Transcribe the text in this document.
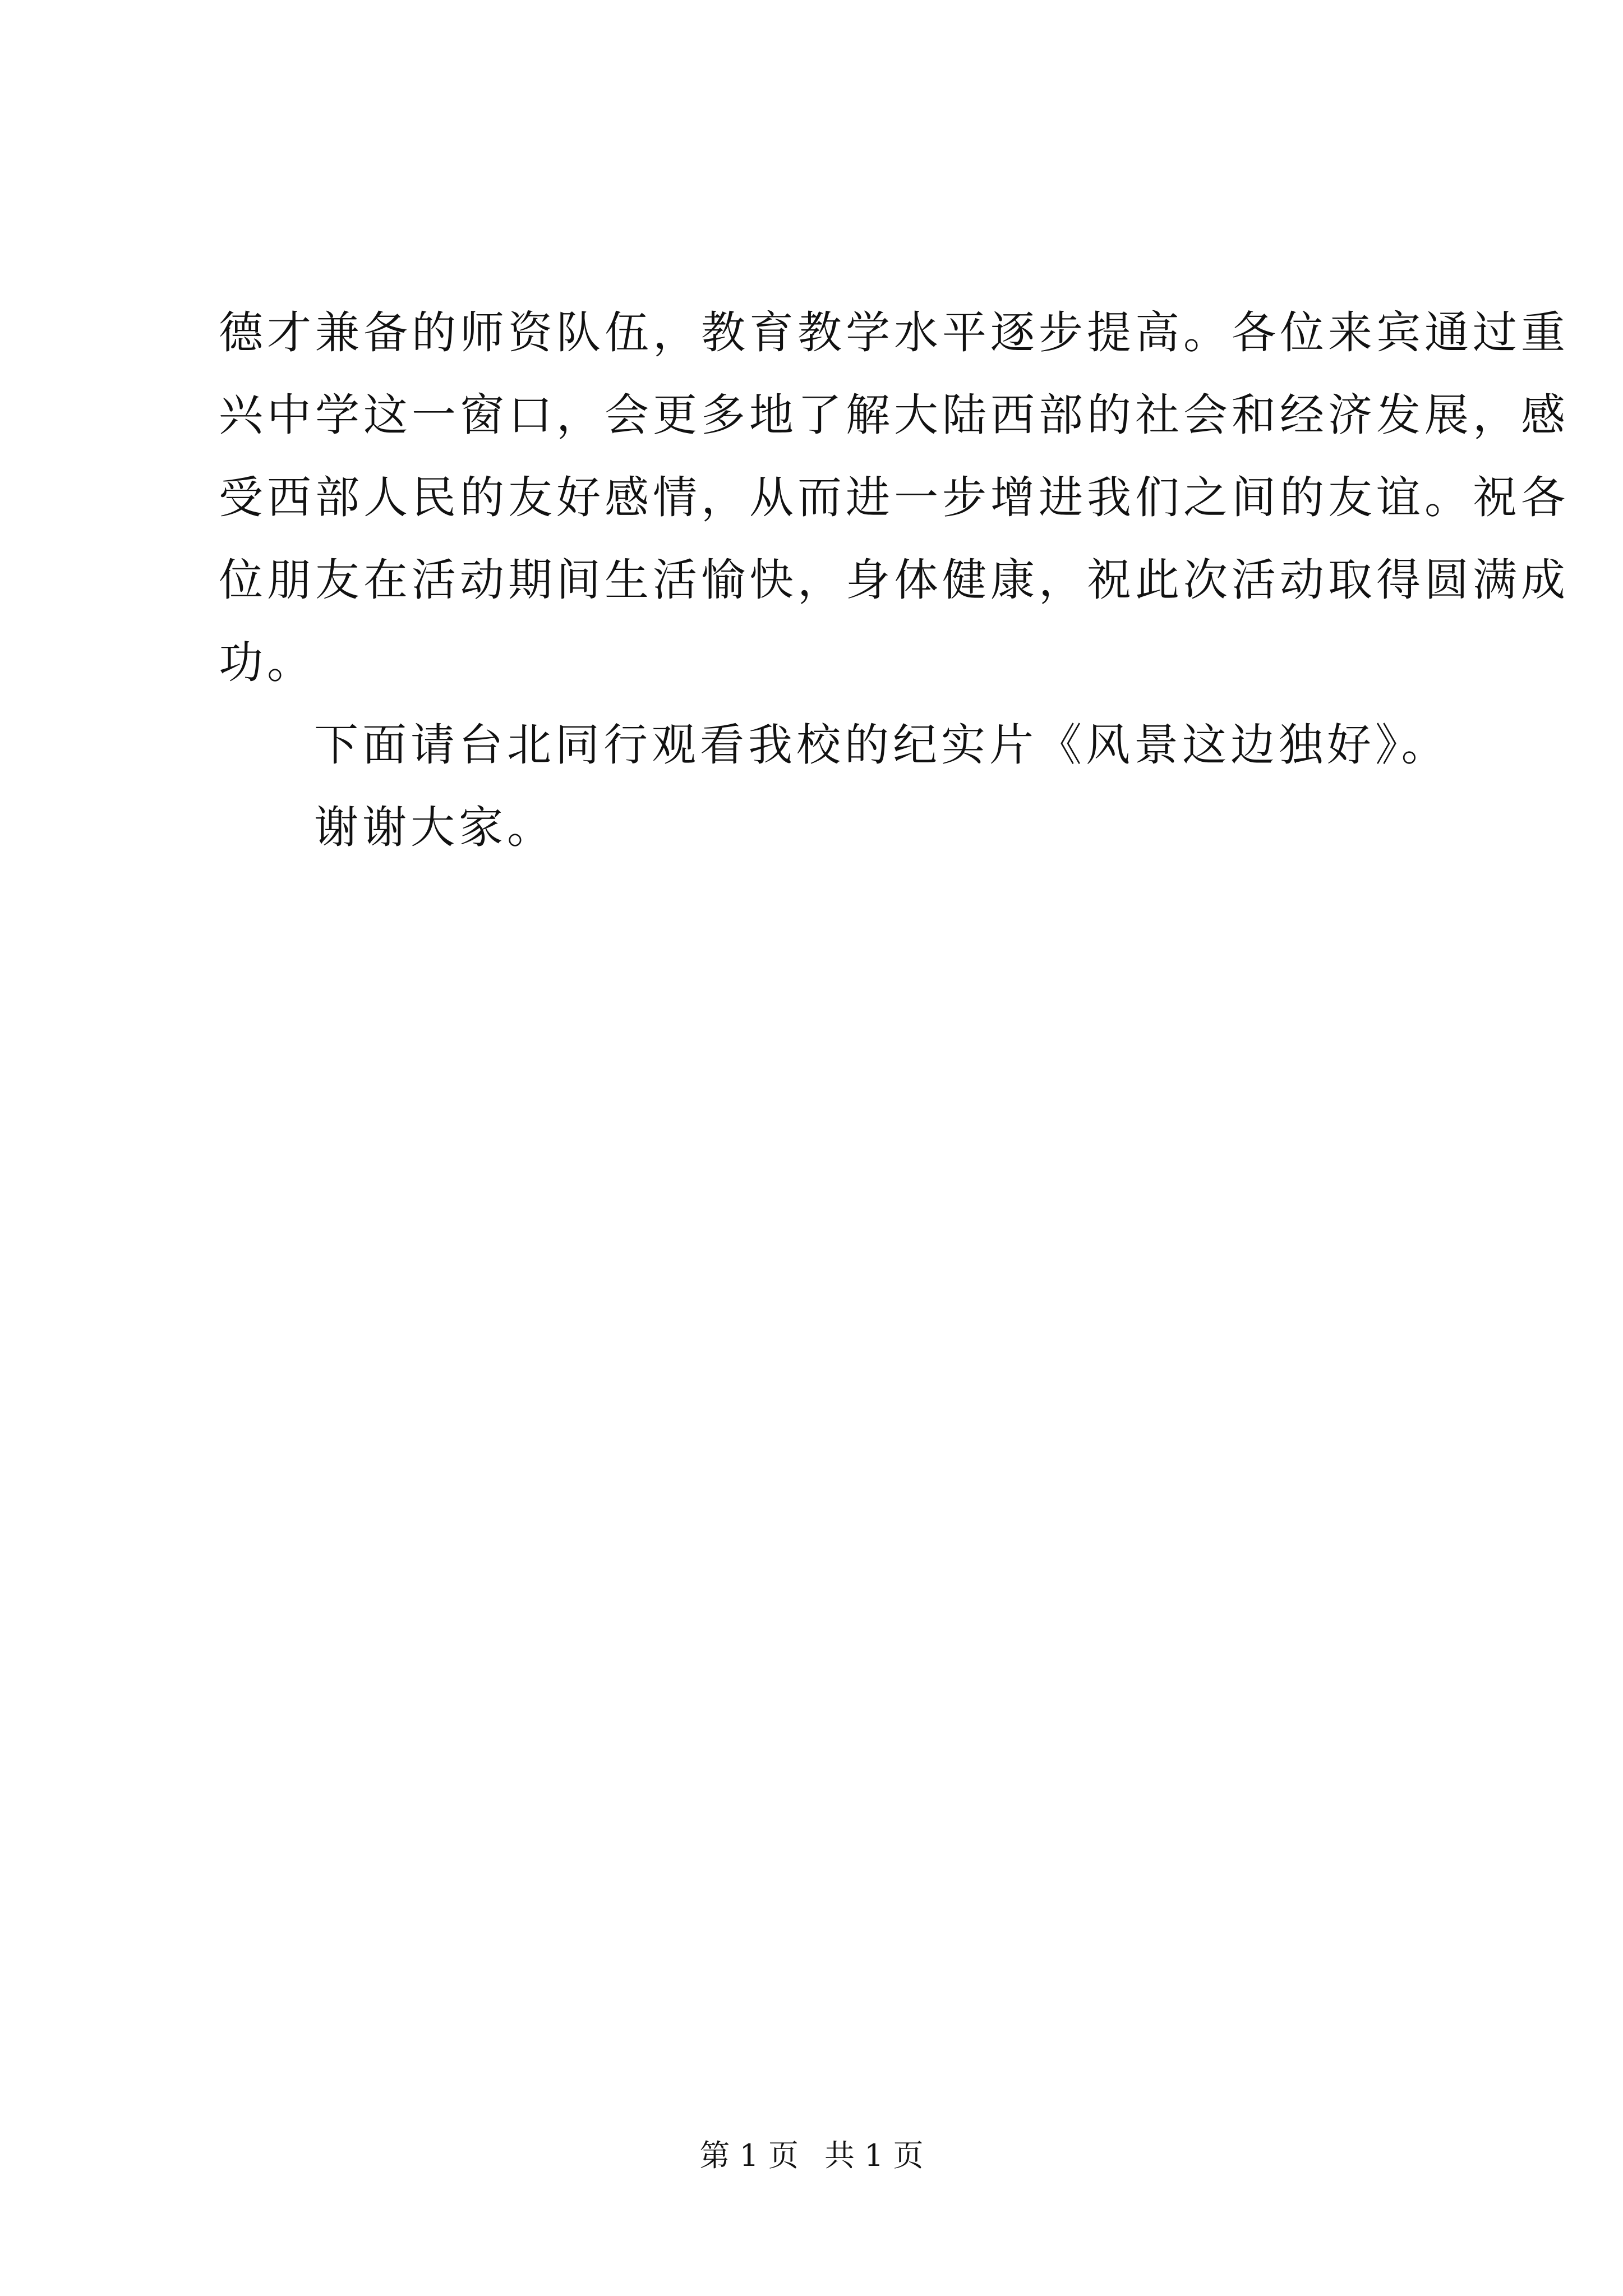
德才兼备的师资队伍，教育教学水平逐步提高。各位来宾通过重

兴中学这一窗口，会更多地了解大陆西部的社会和经济发展，感

受西部人民的友好感情，从而进一步增进我们之间的友谊。祝各

位朋友在活动期间生活愉快，身体健康，祝此次活动取得圆满成

功。

下面请台北同行观看我校的纪实片《风景这边独好》。

谢谢大家。

第 1 页 共 1 页
